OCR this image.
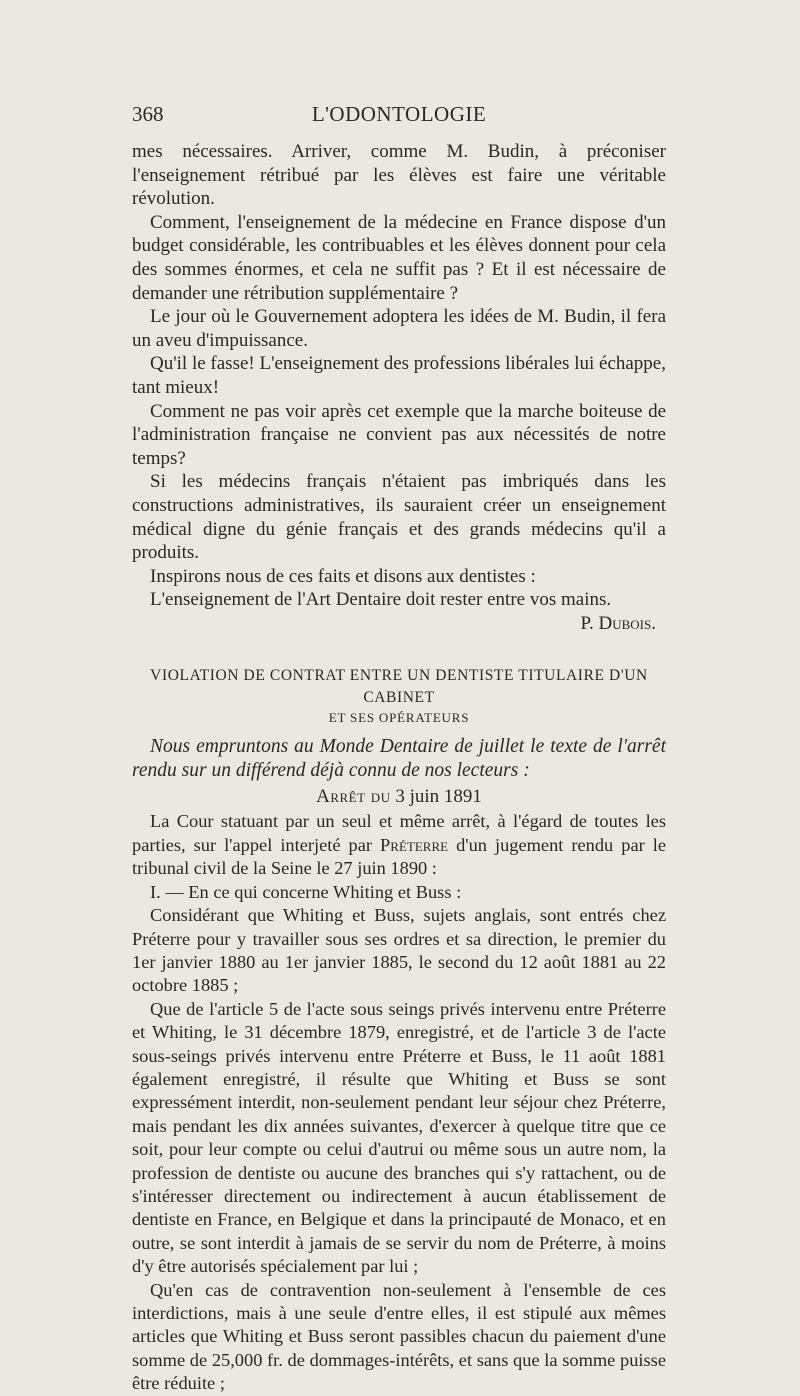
368	L'ODONTOLOGIE

mes nécessaires. Arriver, comme M. Budin, à préconiser l'enseignement rétribué par les élèves est faire une véritable révolution.

Comment, l'enseignement de la médecine en France dispose d'un budget considérable, les contribuables et les élèves donnent pour cela des sommes énormes, et cela ne suffit pas ? Et il est nécessaire de demander une rétribution supplémentaire ?

Le jour où le Gouvernement adoptera les idées de M. Budin, il fera un aveu d'impuissance.

Qu'il le fasse! L'enseignement des professions libérales lui échappe, tant mieux!

Comment ne pas voir après cet exemple que la marche boiteuse de l'administration française ne convient pas aux nécessités de notre temps?

Si les médecins français n'étaient pas imbriqués dans les constructions administratives, ils sauraient créer un enseignement médical digne du génie français et des grands médecins qu'il a produits.

Inspirons nous de ces faits et disons aux dentistes :

L'enseignement de l'Art Dentaire doit rester entre vos mains.

P. Dubois.
VIOLATION DE CONTRAT ENTRE UN DENTISTE TITULAIRE D'UN CABINET
ET SES OPÉRATEURS

Nous empruntons au Monde Dentaire de juillet le texte de l'arrêt rendu sur un différend déjà connu de nos lecteurs :

Arrêt du 3 juin 1891

La Cour statuant par un seul et même arrêt, à l'égard de toutes les parties, sur l'appel interjeté par Préterre d'un jugement rendu par le tribunal civil de la Seine le 27 juin 1890 :

I. — En ce qui concerne Whiting et Buss :

Considérant que Whiting et Buss, sujets anglais, sont entrés chez Préterre pour y travailler sous ses ordres et sa direction, le premier du 1er janvier 1880 au 1er janvier 1885, le second du 12 août 1881 au 22 octobre 1885 ;

Que de l'article 5 de l'acte sous seings privés intervenu entre Préterre et Whiting, le 31 décembre 1879, enregistré, et de l'article 3 de l'acte sous-seings privés intervenu entre Préterre et Buss, le 11 août 1881 également enregistré, il résulte que Whiting et Buss se sont expressément interdit, non-seulement pendant leur séjour chez Préterre, mais pendant les dix années suivantes, d'exercer à quelque titre que ce soit, pour leur compte ou celui d'autrui ou même sous un autre nom, la profession de dentiste ou aucune des branches qui s'y rattachent, ou de s'intéresser directement ou indirectement à aucun établissement de dentiste en France, en Belgique et dans la principauté de Monaco, et en outre, se sont interdit à jamais de se servir du nom de Préterre, à moins d'y être autorisés spécialement par lui ;

Qu'en cas de contravention non-seulement à l'ensemble de ces interdictions, mais à une seule d'entre elles, il est stipulé aux mêmes articles que Whiting et Buss seront passibles chacun du paiement d'une somme de 25,000 fr. de dommages-intérêts, et sans que la somme puisse être réduite ;
